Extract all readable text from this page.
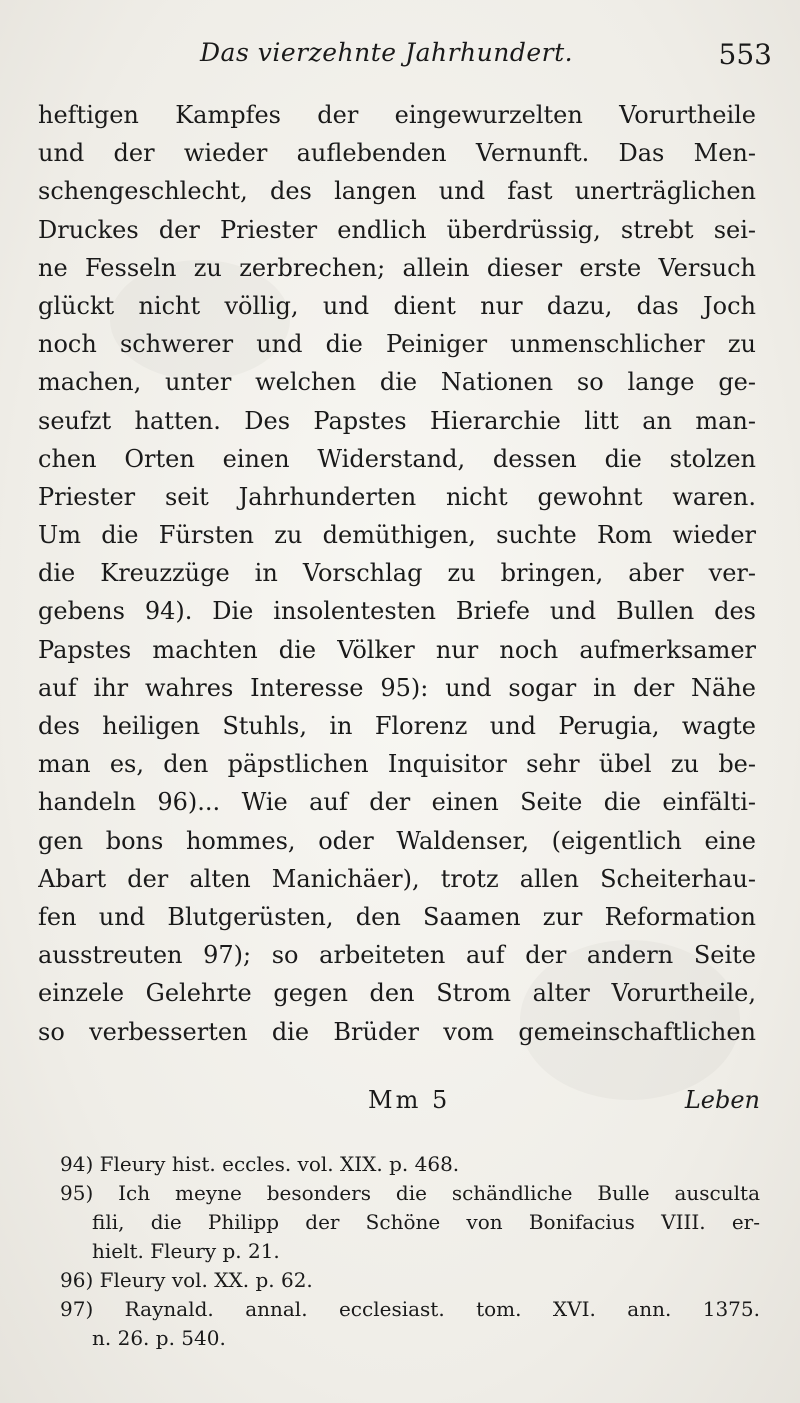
Das vierzehnte Jahrhundert.	553
heftigen Kampfes der eingewurzelten Vorurtheile
und der wieder auflebenden Vernunft. Das Men-
schengeschlecht, des langen und fast unerträglichen
Druckes der Priester endlich überdrüssig, strebt sei-
ne Fesseln zu zerbrechen; allein dieser erste Versuch
glückt nicht völlig, und dient nur dazu, das Joch
noch schwerer und die Peiniger unmenschlicher zu
machen, unter welchen die Nationen so lange ge-
seufzt hatten. Des Papstes Hierarchie litt an man-
chen Orten einen Widerstand, dessen die stolzen
Priester seit Jahrhunderten nicht gewohnt waren.
Um die Fürsten zu demüthigen, suchte Rom wieder
die Kreuzzüge in Vorschlag zu bringen, aber ver-
gebens 94). Die insolentesten Briefe und Bullen des
Papstes machten die Völker nur noch aufmerksamer
auf ihr wahres Interesse 95): und sogar in der Nähe
des heiligen Stuhls, in Florenz und Perugia, wagte
man es, den päpstlichen Inquisitor sehr übel zu be-
handeln 96)... Wie auf der einen Seite die einfälti-
gen bons hommes, oder Waldenser, (eigentlich eine
Abart der alten Manichäer), trotz allen Scheiterhau-
fen und Blutgerüsten, den Saamen zur Reformation
ausstreuten 97); so arbeiteten auf der andern Seite
einzele Gelehrte gegen den Strom alter Vorurtheile,
so verbesserten die Brüder vom gemeinschaftlichen
Mm 5	Leben
94) Fleury hist. eccles. vol. XIX. p. 468.
95) Ich meyne besonders die schändliche Bulle ausculta
fili, die Philipp der Schöne von Bonifacius VIII. er-
hielt. Fleury p. 21.
96) Fleury vol. XX. p. 62.
97) Raynald. annal. ecclesiast. tom. XVI. ann. 1375.
n. 26. p. 540.
